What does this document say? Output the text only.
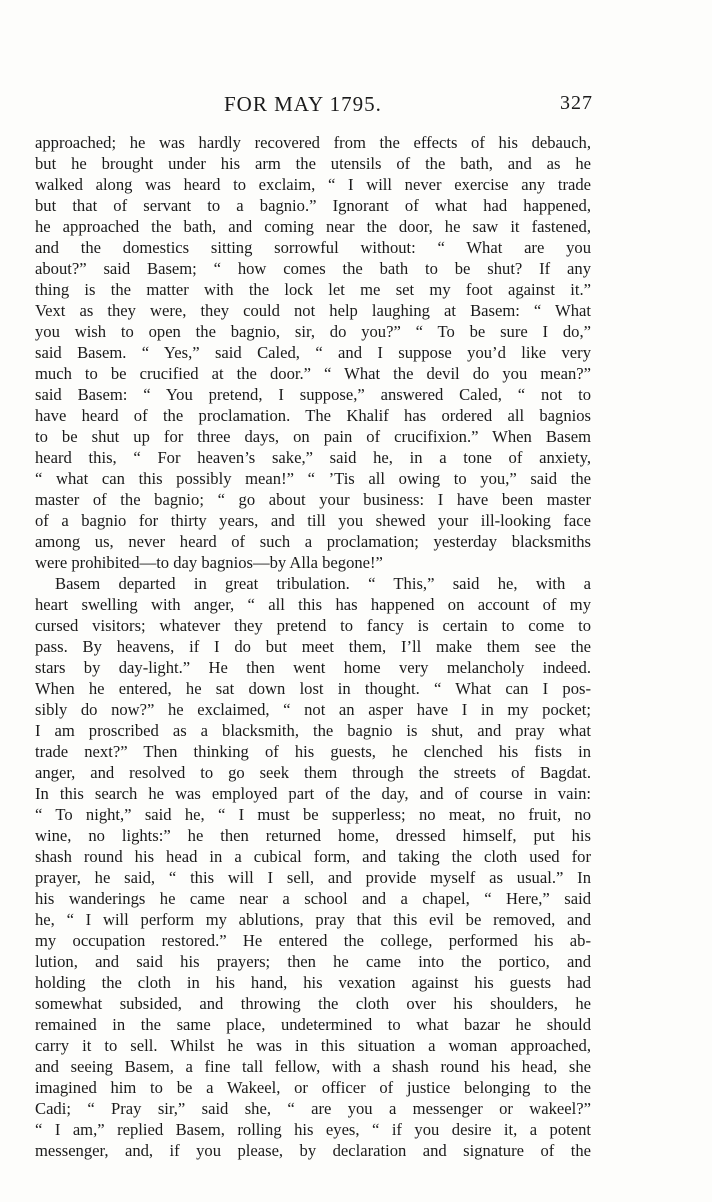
FOR MAY 1795.	327
approached; he was hardly recovered from the effects of his debauch,
but he brought under his arm the utensils of the bath, and as he
walked along was heard to exclaim, “ I will never exercise any trade
but that of servant to a bagnio.” Ignorant of what had happened,
he approached the bath, and coming near the door, he saw it fastened,
and the domestics sitting sorrowful without: “ What are you
about?” said Basem; “ how comes the bath to be shut? If any
thing is the matter with the lock let me set my foot against it.”
Vext as they were, they could not help laughing at Basem: “ What
you wish to open the bagnio, sir, do you?” “ To be sure I do,”
said Basem. “ Yes,” said Caled, “ and I suppose you’d like very
much to be crucified at the door.” “ What the devil do you mean?”
said Basem: “ You pretend, I suppose,” answered Caled, “ not to
have heard of the proclamation. The Khalif has ordered all bagnios
to be shut up for three days, on pain of crucifixion.” When Basem
heard this, “ For heaven’s sake,” said he, in a tone of anxiety,
“ what can this possibly mean!” “ ’Tis all owing to you,” said the
master of the bagnio; “ go about your business: I have been master
of a bagnio for thirty years, and till you shewed your ill-looking face
among us, never heard of such a proclamation; yesterday blacksmiths
were prohibited—to day bagnios—by Alla begone!”
Basem departed in great tribulation. “ This,” said he, with a
heart swelling with anger, “ all this has happened on account of my
cursed visitors; whatever they pretend to fancy is certain to come to
pass. By heavens, if I do but meet them, I’ll make them see the
stars by day-light.” He then went home very melancholy indeed.
When he entered, he sat down lost in thought. “ What can I pos-
sibly do now?” he exclaimed, “ not an asper have I in my pocket;
I am proscribed as a blacksmith, the bagnio is shut, and pray what
trade next?” Then thinking of his guests, he clenched his fists in
anger, and resolved to go seek them through the streets of Bagdat.
In this search he was employed part of the day, and of course in vain:
“ To night,” said he, “ I must be supperless; no meat, no fruit, no
wine, no lights:” he then returned home, dressed himself, put his
shash round his head in a cubical form, and taking the cloth used for
prayer, he said, “ this will I sell, and provide myself as usual.” In
his wanderings he came near a school and a chapel, “ Here,” said
he, “ I will perform my ablutions, pray that this evil be removed, and
my occupation restored.” He entered the college, performed his ab-
lution, and said his prayers; then he came into the portico, and
holding the cloth in his hand, his vexation against his guests had
somewhat subsided, and throwing the cloth over his shoulders, he
remained in the same place, undetermined to what bazar he should
carry it to sell. Whilst he was in this situation a woman approached,
and seeing Basem, a fine tall fellow, with a shash round his head, she
imagined him to be a Wakeel, or officer of justice belonging to the
Cadi; “ Pray sir,” said she, “ are you a messenger or wakeel?”
“ I am,” replied Basem, rolling his eyes, “ if you desire it, a potent
messenger, and, if you please, by declaration and signature of the
